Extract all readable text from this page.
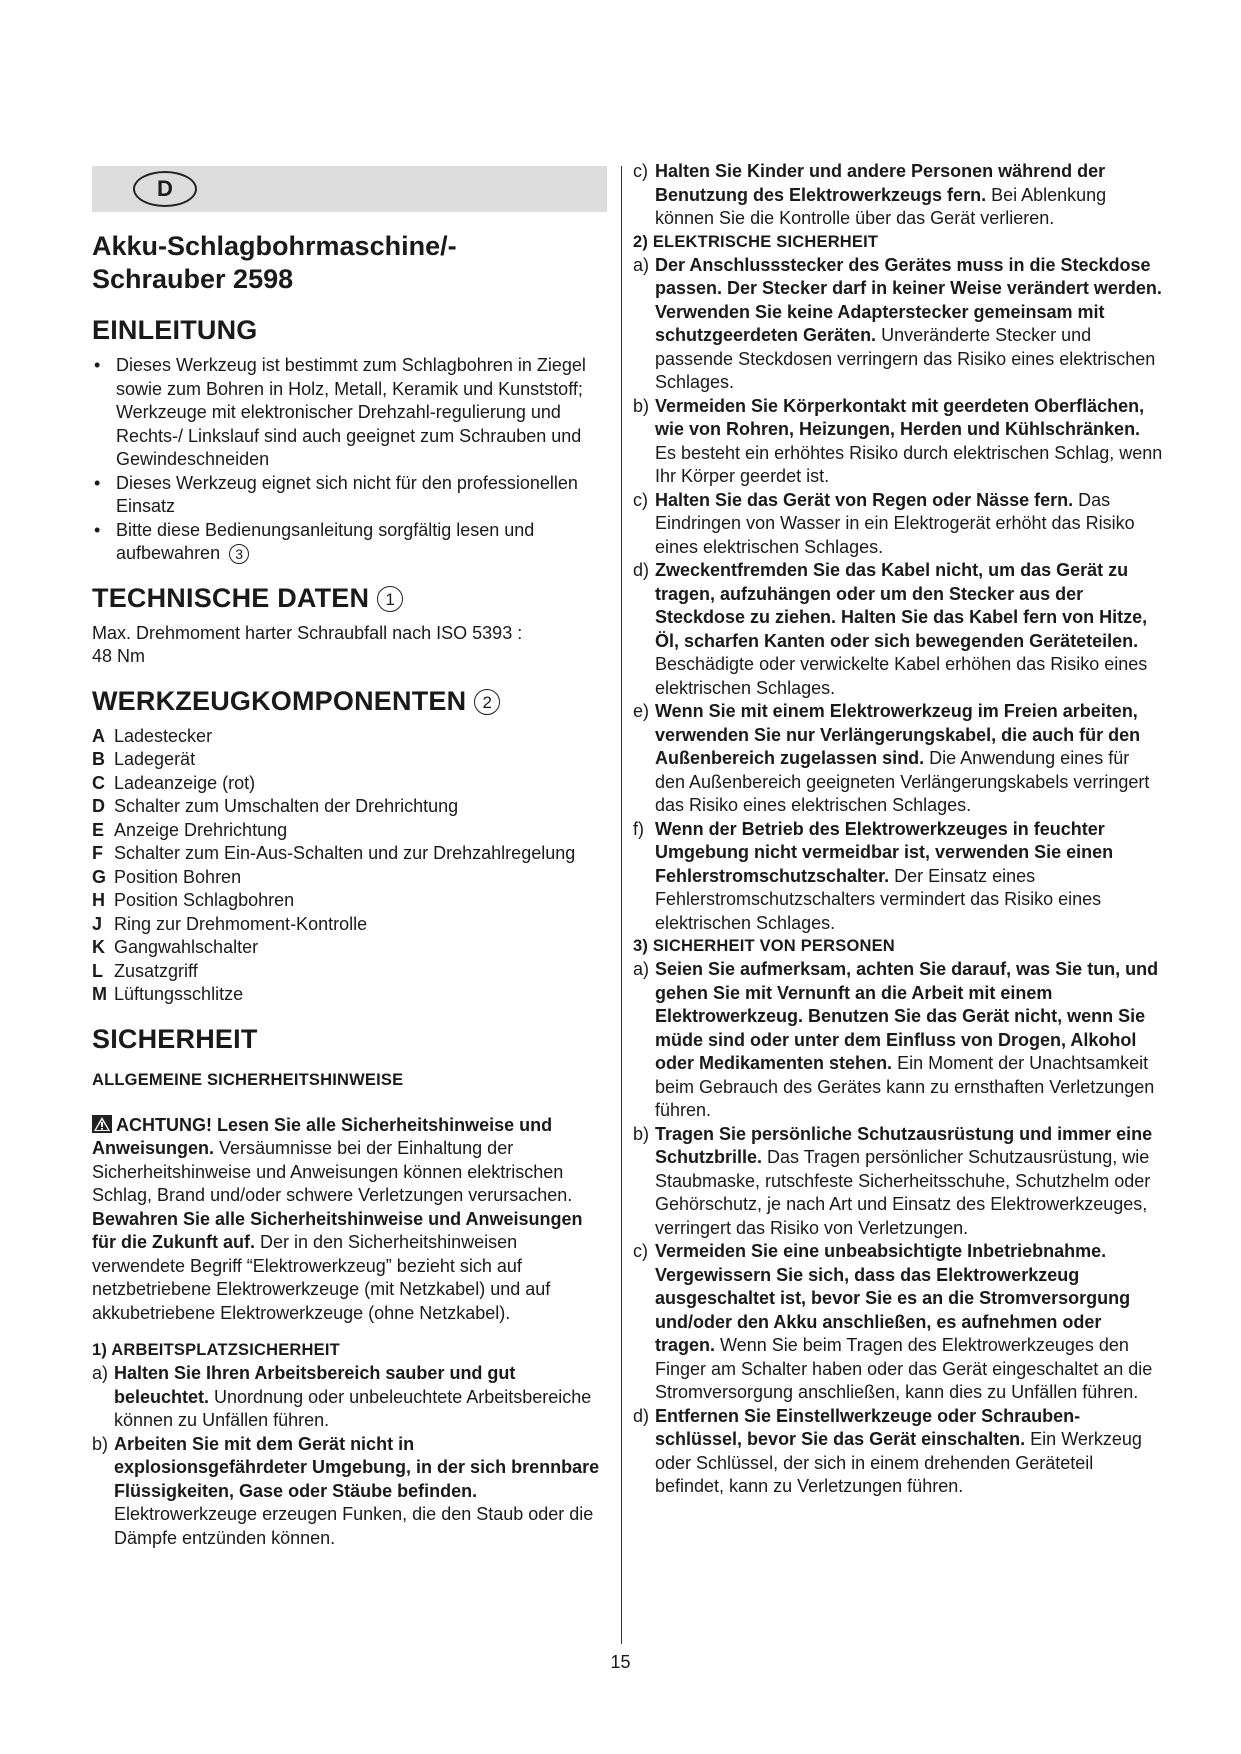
D
Akku-Schlagbohrmaschine/-
Schrauber 2598
EINLEITUNG
• Dieses Werkzeug ist bestimmt zum Schlagbohren in Ziegel sowie zum Bohren in Holz, Metall, Keramik und Kunststoff; Werkzeuge mit elektronischer Drehzahl-regulierung und Rechts-/ Linkslauf sind auch geeignet zum Schrauben und Gewindeschneiden
• Dieses Werkzeug eignet sich nicht für den professionellen Einsatz
• Bitte diese Bedienungsanleitung sorgfältig lesen und aufbewahren 3
TECHNISCHE DATEN 1

Max. Drehmoment harter Schraubfall nach ISO 5393 :

48 Nm

WERKZEUGKOMPONENTEN 2
A Ladestecker
B Ladegerät
C Ladeanzeige (rot)
D Schalter zum Umschalten der Drehrichtung
E Anzeige Drehrichtung
F Schalter zum Ein-Aus-Schalten und zur Drehzahlregelung
G Position Bohren
H Position Schlagbohren
J Ring zur Drehmoment-Kontrolle
K Gangwahlschalter
L Zusatzgriff
M Lüftungsschlitze
SICHERHEIT
ALLGEMEINE SICHERHEITSHINWEISE

ACHTUNG! Lesen Sie alle Sicherheitshinweise und Anweisungen. Versäumnisse bei der Einhaltung der Sicherheitshinweise und Anweisungen können elektrischen Schlag, Brand und/oder schwere Verletzungen verursachen. Bewahren Sie alle Sicherheitshinweise und Anweisungen für die Zukunft auf. Der in den Sicherheitshinweisen verwendete Begriff “Elektrowerkzeug” bezieht sich auf netzbetriebene Elektrowerkzeuge (mit Netzkabel) und auf akkubetriebene Elektrowerkzeuge (ohne Netzkabel).

1) ARBEITSPLATZSICHERHEIT
a) Halten Sie Ihren Arbeitsbereich sauber und gut beleuchtet. Unordnung oder unbeleuchtete Arbeitsbereiche können zu Unfällen führen.
b) Arbeiten Sie mit dem Gerät nicht in explosionsgefährdeter Umgebung, in der sich brennbare Flüssigkeiten, Gase oder Stäube befinden. Elektrowerkzeuge erzeugen Funken, die den Staub oder die Dämpfe entzünden können.
c) Halten Sie Kinder und andere Personen während der Benutzung des Elektrowerkzeugs fern. Bei Ablenkung können Sie die Kontrolle über das Gerät verlieren.
2) ELEKTRISCHE SICHERHEIT
a) Der Anschlussstecker des Gerätes muss in die Steckdose passen. Der Stecker darf in keiner Weise verändert werden. Verwenden Sie keine Adapterstecker gemeinsam mit schutzgeerdeten Geräten. Unveränderte Stecker und passende Steckdosen verringern das Risiko eines elektrischen Schlages.
b) Vermeiden Sie Körperkontakt mit geerdeten Oberflächen, wie von Rohren, Heizungen, Herden und Kühlschränken. Es besteht ein erhöhtes Risiko durch elektrischen Schlag, wenn Ihr Körper geerdet ist.
c) Halten Sie das Gerät von Regen oder Nässe fern. Das Eindringen von Wasser in ein Elektrogerät erhöht das Risiko eines elektrischen Schlages.
d) Zweckentfremden Sie das Kabel nicht, um das Gerät zu tragen, aufzuhängen oder um den Stecker aus der Steckdose zu ziehen. Halten Sie das Kabel fern von Hitze, Öl, scharfen Kanten oder sich bewegenden Geräteteilen. Beschädigte oder verwickelte Kabel erhöhen das Risiko eines elektrischen Schlages.
e) Wenn Sie mit einem Elektrowerkzeug im Freien arbeiten, verwenden Sie nur Verlängerungskabel, die auch für den Außenbereich zugelassen sind. Die Anwendung eines für den Außenbereich geeigneten Verlängerungskabels verringert das Risiko eines elektrischen Schlages.
f) Wenn der Betrieb des Elektrowerkzeuges in feuchter Umgebung nicht vermeidbar ist, verwenden Sie einen Fehlerstromschutzschalter. Der Einsatz eines Fehlerstromschutzschalters vermindert das Risiko eines elektrischen Schlages.
3) SICHERHEIT VON PERSONEN
a) Seien Sie aufmerksam, achten Sie darauf, was Sie tun, und gehen Sie mit Vernunft an die Arbeit mit einem Elektrowerkzeug. Benutzen Sie das Gerät nicht, wenn Sie müde sind oder unter dem Einfluss von Drogen, Alkohol oder Medikamenten stehen. Ein Moment der Unachtsamkeit beim Gebrauch des Gerätes kann zu ernsthaften Verletzungen führen.
b) Tragen Sie persönliche Schutzausrüstung und immer eine Schutzbrille. Das Tragen persönlicher Schutzausrüstung, wie Staubmaske, rutschfeste Sicherheitsschuhe, Schutzhelm oder Gehörschutz, je nach Art und Einsatz des Elektrowerkzeuges, verringert das Risiko von Verletzungen.
c) Vermeiden Sie eine unbeabsichtigte Inbetriebnahme. Vergewissern Sie sich, dass das Elektrowerkzeug ausgeschaltet ist, bevor Sie es an die Stromversorgung und/oder den Akku anschließen, es aufnehmen oder tragen. Wenn Sie beim Tragen des Elektrowerkzeuges den Finger am Schalter haben oder das Gerät eingeschaltet an die Stromversorgung anschließen, kann dies zu Unfällen führen.
d) Entfernen Sie Einstellwerkzeuge oder Schrauben-schlüssel, bevor Sie das Gerät einschalten. Ein Werkzeug oder Schlüssel, der sich in einem drehenden Geräteteil befindet, kann zu Verletzungen führen.
15
